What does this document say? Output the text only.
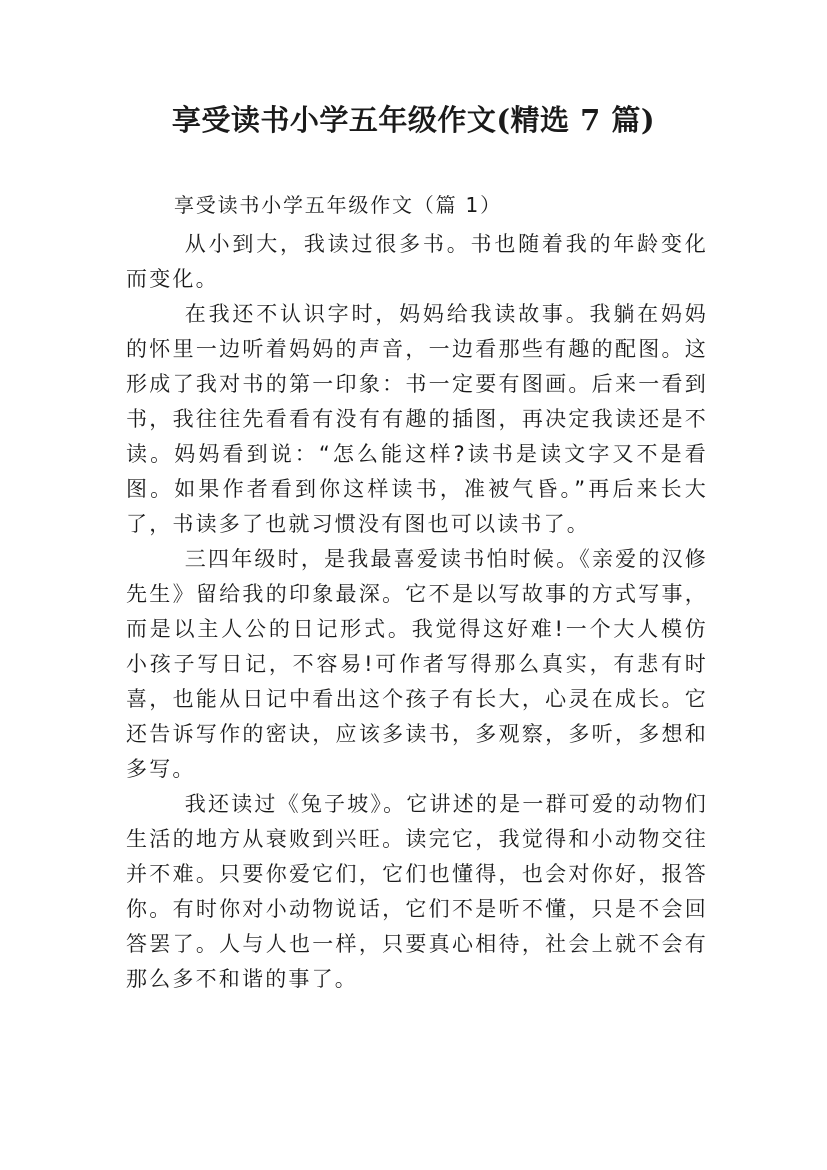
享受读书小学五年级作文(精选 7 篇)

享受读书小学五年级作文（篇 1）

从小到大，我读过很多书。书也随着我的年龄变化而变化。

在我还不认识字时，妈妈给我读故事。我躺在妈妈的怀里一边听着妈妈的声音，一边看那些有趣的配图。这形成了我对书的第一印象：书一定要有图画。后来一看到书，我往往先看看有没有有趣的插图，再决定我读还是不读。妈妈看到说：“怎么能这样?读书是读文字又不是看图。如果作者看到你这样读书，准被气昏。”再后来长大了，书读多了也就习惯没有图也可以读书了。

三四年级时，是我最喜爱读书怕时候。《亲爱的汉修先生》留给我的印象最深。它不是以写故事的方式写事，而是以主人公的日记形式。我觉得这好难!一个大人模仿小孩子写日记，不容易!可作者写得那么真实，有悲有时喜，也能从日记中看出这个孩子有长大，心灵在成长。它还告诉写作的密诀，应该多读书，多观察，多听，多想和多写。

我还读过《兔子坡》。它讲述的是一群可爱的动物们生活的地方从衰败到兴旺。读完它，我觉得和小动物交往并不难。只要你爱它们，它们也懂得，也会对你好，报答你。有时你对小动物说话，它们不是听不懂，只是不会回答罢了。人与人也一样，只要真心相待，社会上就不会有那么多不和谐的事了。
